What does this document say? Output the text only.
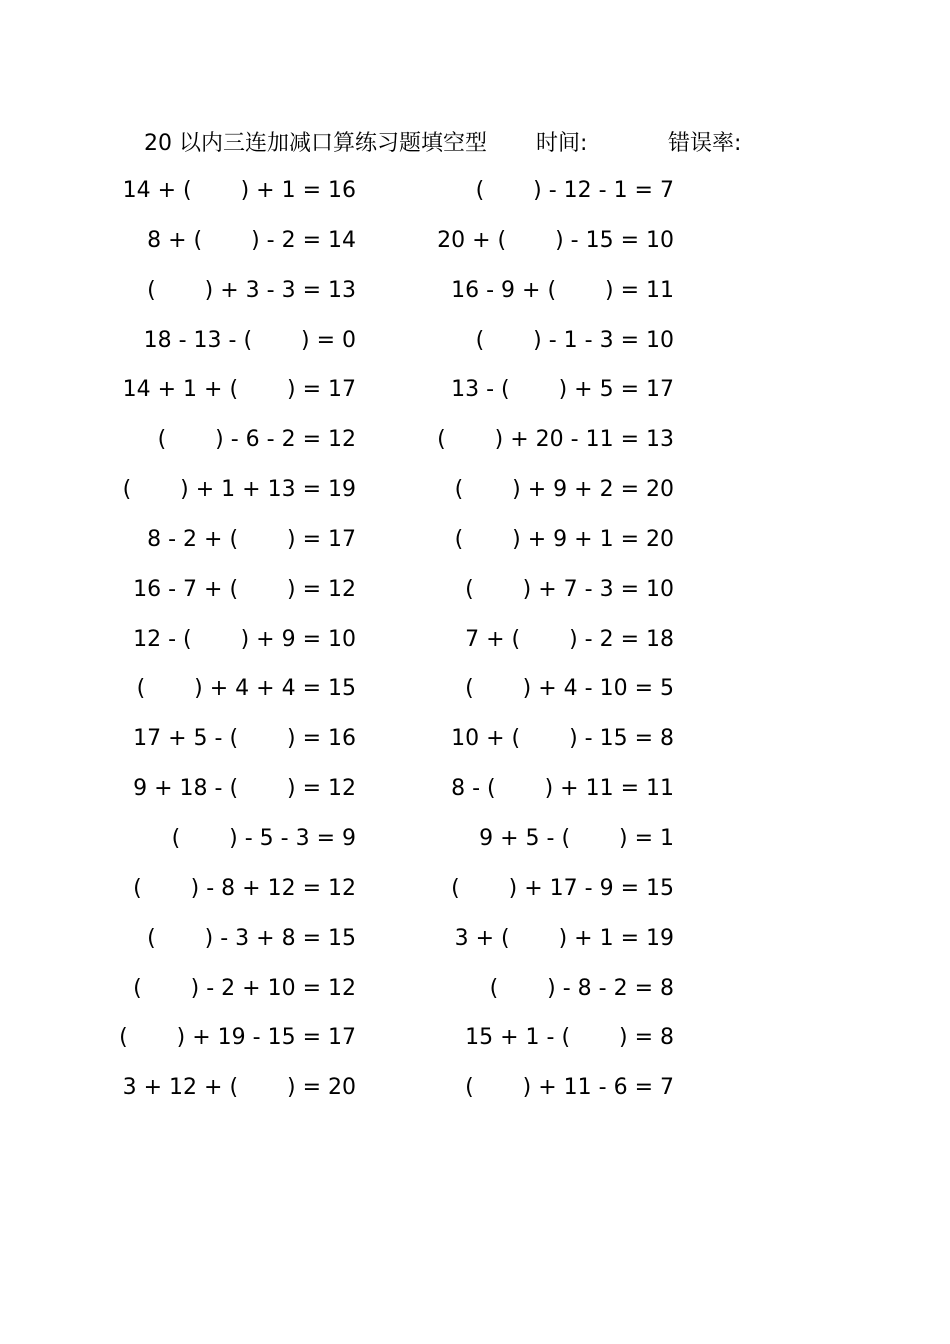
20 以内三连加减口算练习题填空型 时间:	错误率:
14 + (       ) + 1 = 16
8 + (       ) - 2 = 14
(       ) + 3 - 3 = 13
18 - 13 - (       ) = 0
14 + 1 + (       ) = 17
(       ) - 6 - 2 = 12
(       ) + 1 + 13 = 19
8 - 2 + (       ) = 17
16 - 7 + (       ) = 12
12 - (       ) + 9 = 10
(       ) + 4 + 4 = 15
17 + 5 - (       ) = 16
9 + 18 - (       ) = 12
(       ) - 5 - 3 = 9
(       ) - 8 + 12 = 12
(       ) - 3 + 8 = 15
(       ) - 2 + 10 = 12
(       ) + 19 - 15 = 17
3 + 12 + (       ) = 20
(       ) - 12 - 1 = 7
20 + (       ) - 15 = 10
16 - 9 + (       ) = 11
(       ) - 1 - 3 = 10
13 - (       ) + 5 = 17
(       ) + 20 - 11 = 13
(       ) + 9 + 2 = 20
(       ) + 9 + 1 = 20
(       ) + 7 - 3 = 10
7 + (       ) - 2 = 18
(       ) + 4 - 10 = 5
10 + (       ) - 15 = 8
8 - (       ) + 11 = 11
9 + 5 - (       ) = 1
(       ) + 17 - 9 = 15
3 + (       ) + 1 = 19
(       ) - 8 - 2 = 8
15 + 1 - (       ) = 8
(       ) + 11 - 6 = 7
